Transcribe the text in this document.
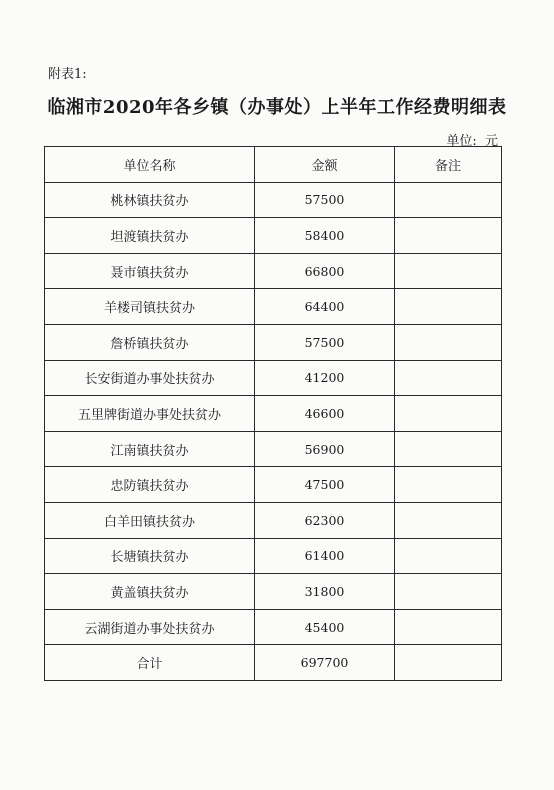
附表1:
临湘市2020年各乡镇（办事处）上半年工作经费明细表
单位: 元
单位名称	金额	备注
桃林镇扶贫办	57500	
坦渡镇扶贫办	58400	
聂市镇扶贫办	66800	
羊楼司镇扶贫办	64400	
詹桥镇扶贫办	57500	
长安街道办事处扶贫办	41200	
五里牌街道办事处扶贫办	46600	
江南镇扶贫办	56900	
忠防镇扶贫办	47500	
白羊田镇扶贫办	62300	
长塘镇扶贫办	61400	
黄盖镇扶贫办	31800	
云湖街道办事处扶贫办	45400	
合计	697700	
